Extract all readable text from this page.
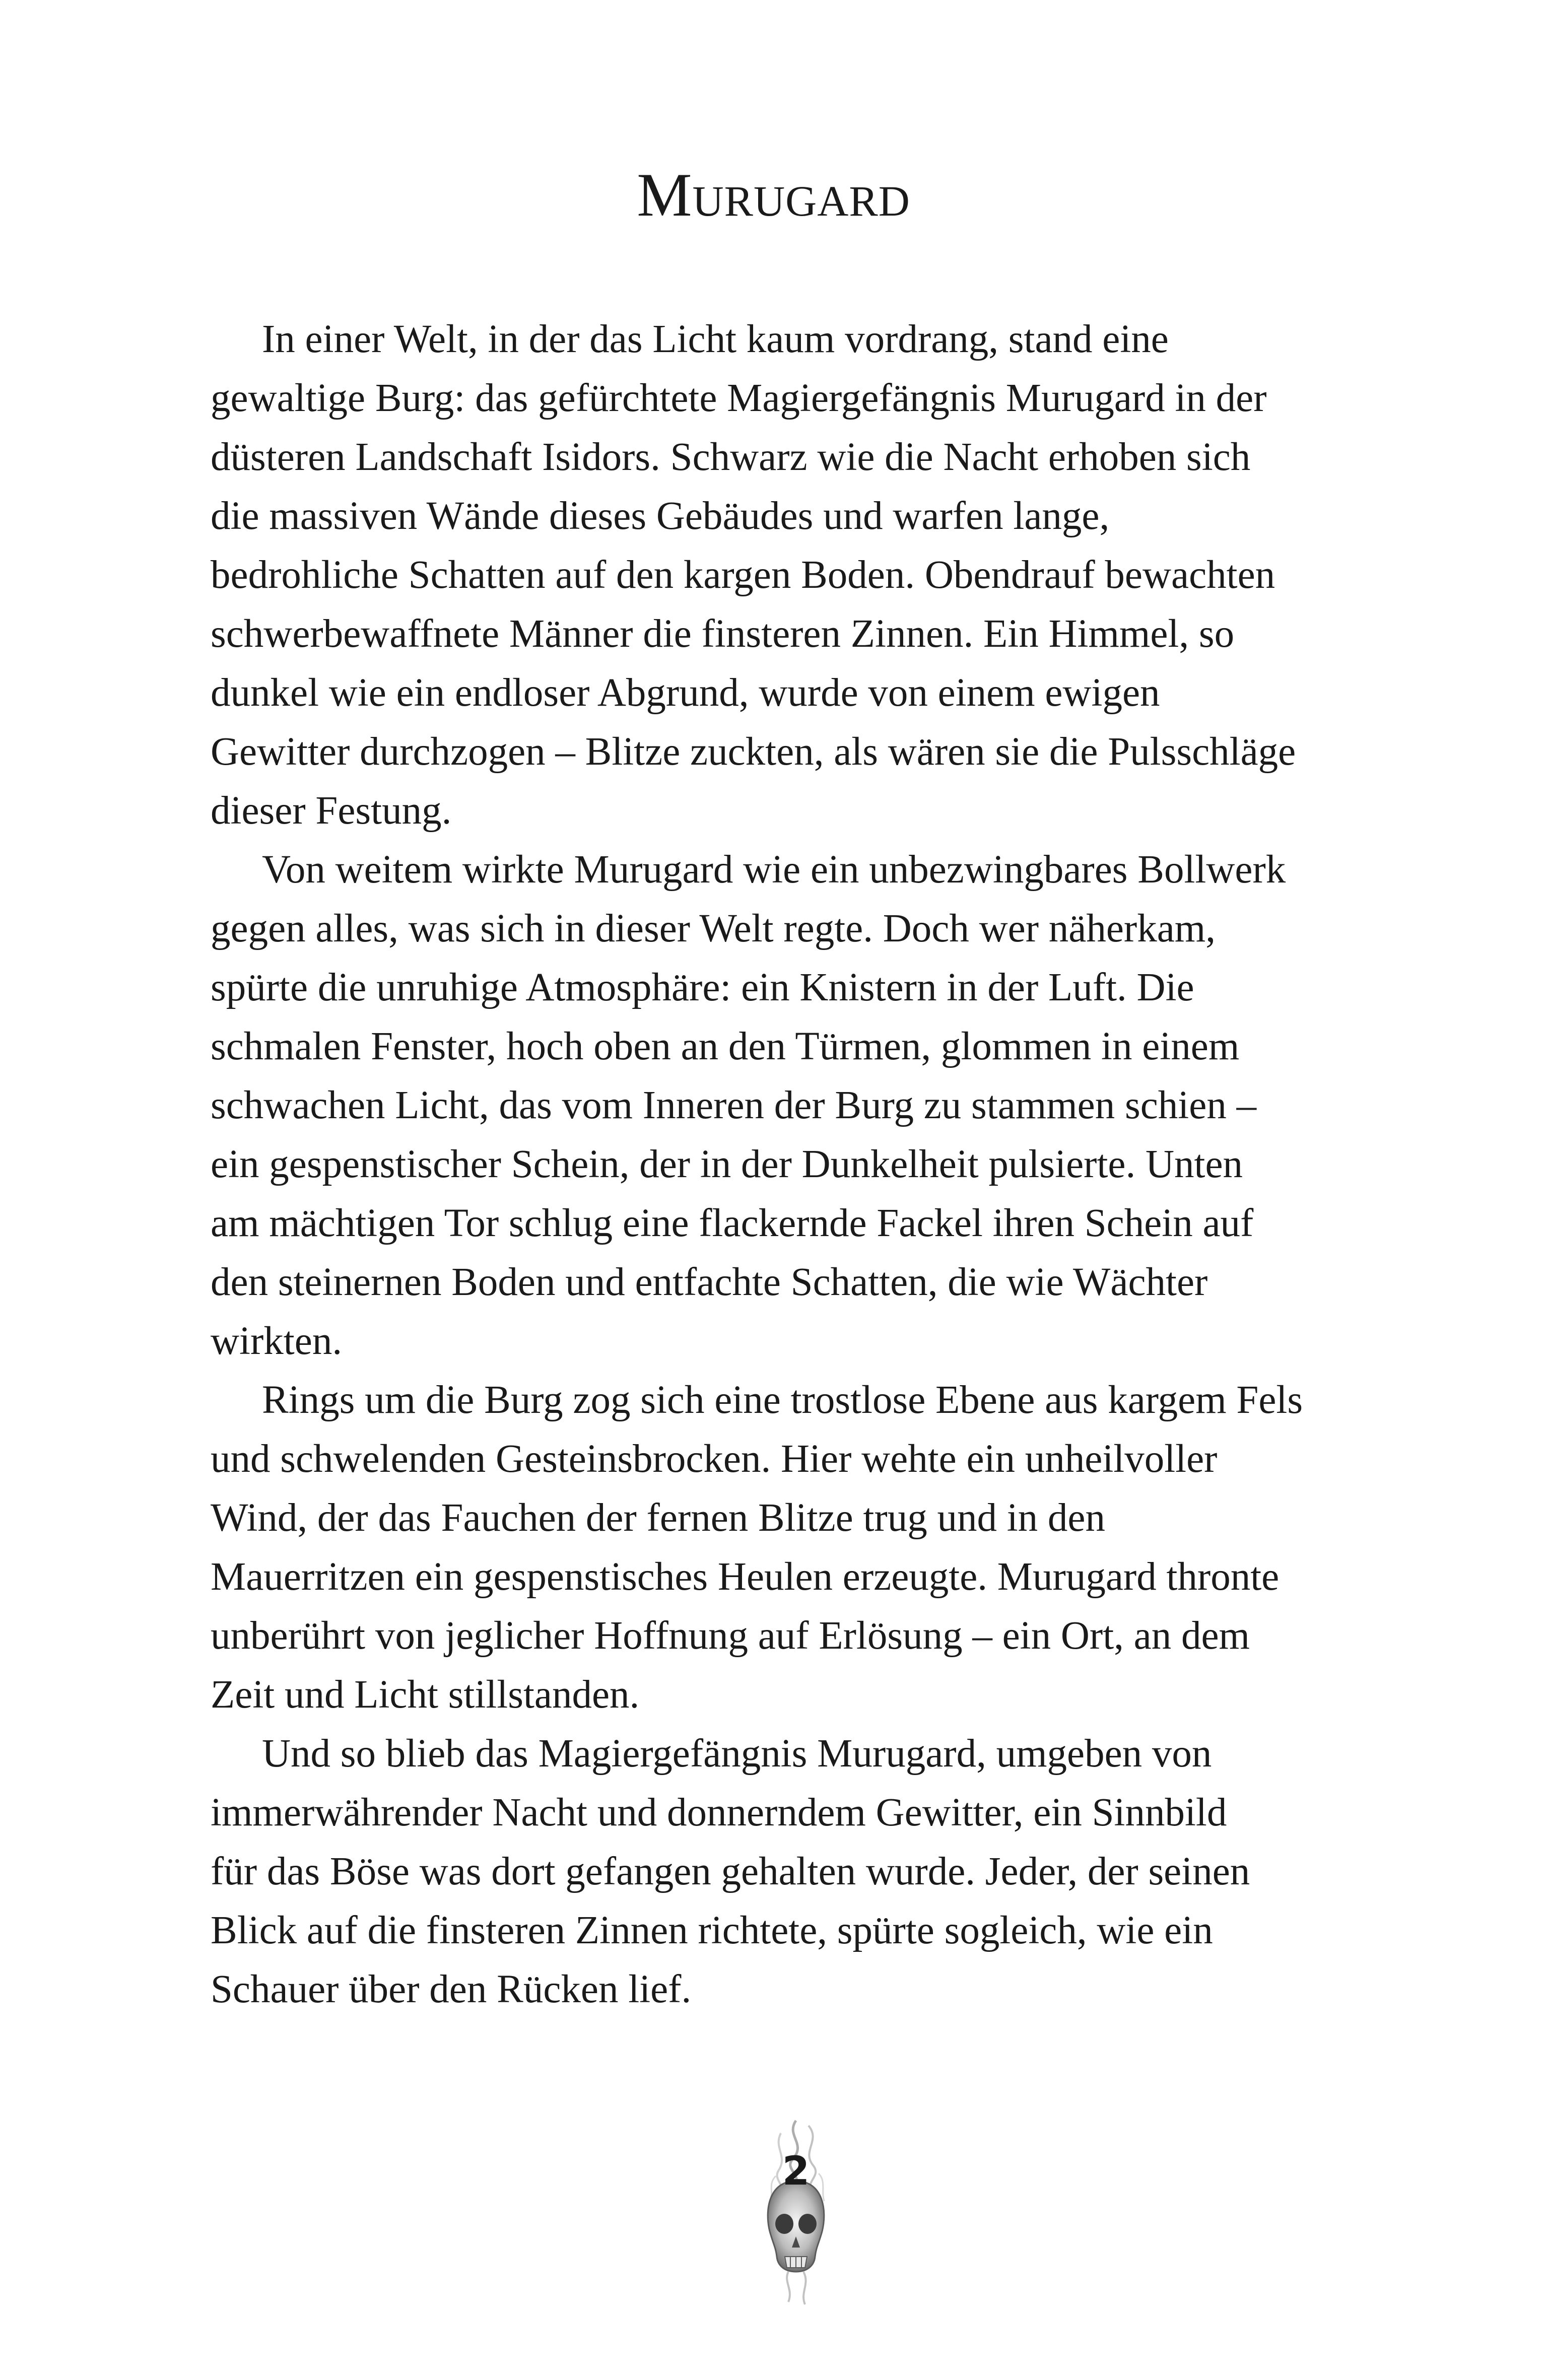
Murugard

In einer Welt, in der das Licht kaum vordrang, stand eine
gewaltige Burg: das gefürchtete Magiergefängnis Murugard in der
düsteren Landschaft Isidors. Schwarz wie die Nacht erhoben sich
die massiven Wände dieses Gebäudes und warfen lange,
bedrohliche Schatten auf den kargen Boden. Obendrauf bewachten
schwerbewaffnete Männer die finsteren Zinnen. Ein Himmel, so
dunkel wie ein endloser Abgrund, wurde von einem ewigen
Gewitter durchzogen – Blitze zuckten, als wären sie die Pulsschläge
dieser Festung.

Von weitem wirkte Murugard wie ein unbezwingbares Bollwerk
gegen alles, was sich in dieser Welt regte. Doch wer näherkam,
spürte die unruhige Atmosphäre: ein Knistern in der Luft. Die
schmalen Fenster, hoch oben an den Türmen, glommen in einem
schwachen Licht, das vom Inneren der Burg zu stammen schien –
ein gespenstischer Schein, der in der Dunkelheit pulsierte. Unten
am mächtigen Tor schlug eine flackernde Fackel ihren Schein auf
den steinernen Boden und entfachte Schatten, die wie Wächter
wirkten.

Rings um die Burg zog sich eine trostlose Ebene aus kargem Fels
und schwelenden Gesteinsbrocken. Hier wehte ein unheilvoller
Wind, der das Fauchen der fernen Blitze trug und in den
Mauerritzen ein gespenstisches Heulen erzeugte. Murugard thronte
unberührt von jeglicher Hoffnung auf Erlösung – ein Ort, an dem
Zeit und Licht stillstanden.

Und so blieb das Magiergefängnis Murugard, umgeben von
immerwährender Nacht und donnerndem Gewitter, ein Sinnbild
für das Böse was dort gefangen gehalten wurde. Jeder, der seinen
Blick auf die finsteren Zinnen richtete, spürte sogleich, wie ein
Schauer über den Rücken lief.

2
